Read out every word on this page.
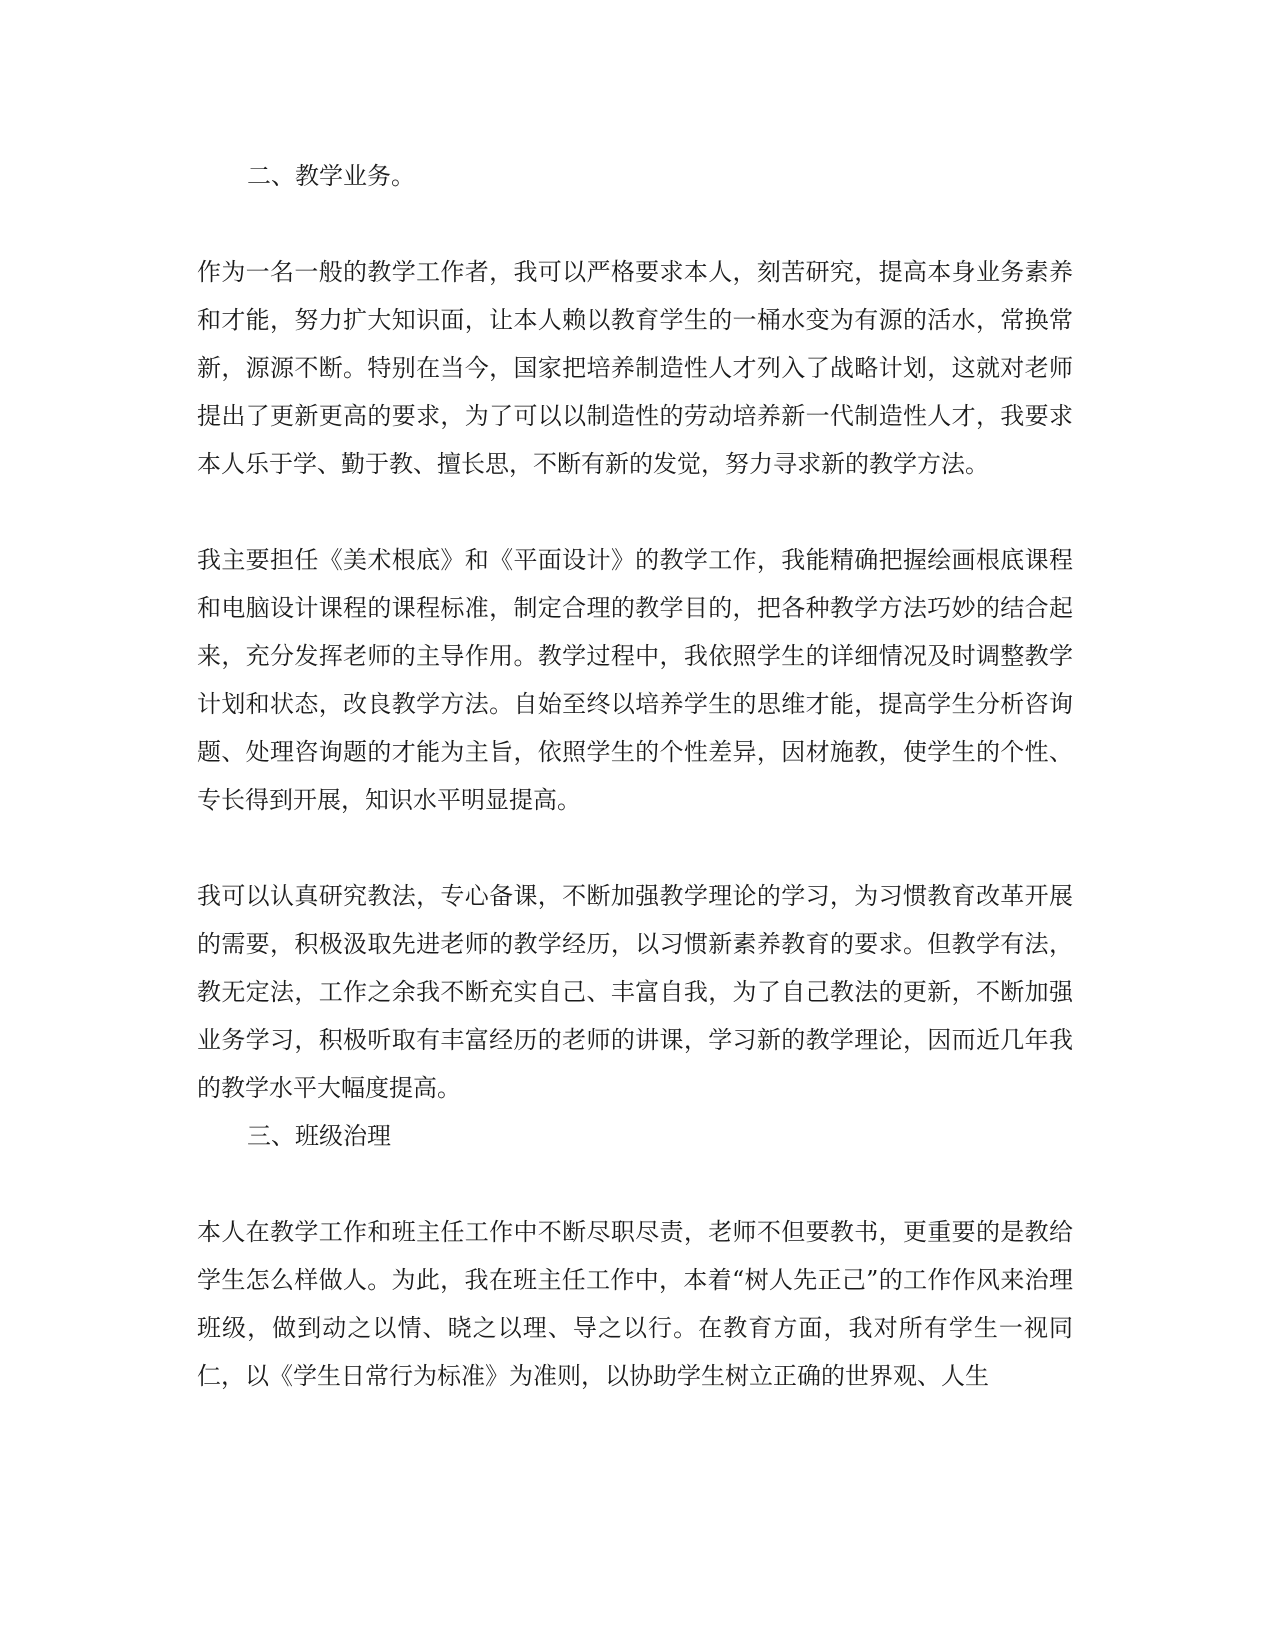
二、教学业务。

作为一名一般的教学工作者，我可以严格要求本人，刻苦研究，提高本身业务素养和才能，努力扩大知识面，让本人赖以教育学生的一桶水变为有源的活水，常换常新，源源不断。特别在当今，国家把培养制造性人才列入了战略计划，这就对老师提出了更新更高的要求，为了可以以制造性的劳动培养新一代制造性人才，我要求本人乐于学、勤于教、擅长思，不断有新的发觉，努力寻求新的教学方法。

我主要担任《美术根底》和《平面设计》的教学工作，我能精确把握绘画根底课程和电脑设计课程的课程标准，制定合理的教学目的，把各种教学方法巧妙的结合起来，充分发挥老师的主导作用。教学过程中，我依照学生的详细情况及时调整教学计划和状态，改良教学方法。自始至终以培养学生的思维才能，提高学生分析咨询题、处理咨询题的才能为主旨，依照学生的个性差异，因材施教，使学生的个性、专长得到开展，知识水平明显提高。

我可以认真研究教法，专心备课，不断加强教学理论的学习，为习惯教育改革开展的需要，积极汲取先进老师的教学经历，以习惯新素养教育的要求。但教学有法，教无定法，工作之余我不断充实自己、丰富自我，为了自己教法的更新，不断加强业务学习，积极听取有丰富经历的老师的讲课，学习新的教学理论，因而近几年我的教学水平大幅度提高。

三、班级治理

本人在教学工作和班主任工作中不断尽职尽责，老师不但要教书，更重要的是教给学生怎么样做人。为此，我在班主任工作中，本着“树人先正己”的工作作风来治理班级，做到动之以情、晓之以理、导之以行。在教育方面，我对所有学生一视同仁，以《学生日常行为标准》为准则，以协助学生树立正确的世界观、人生
